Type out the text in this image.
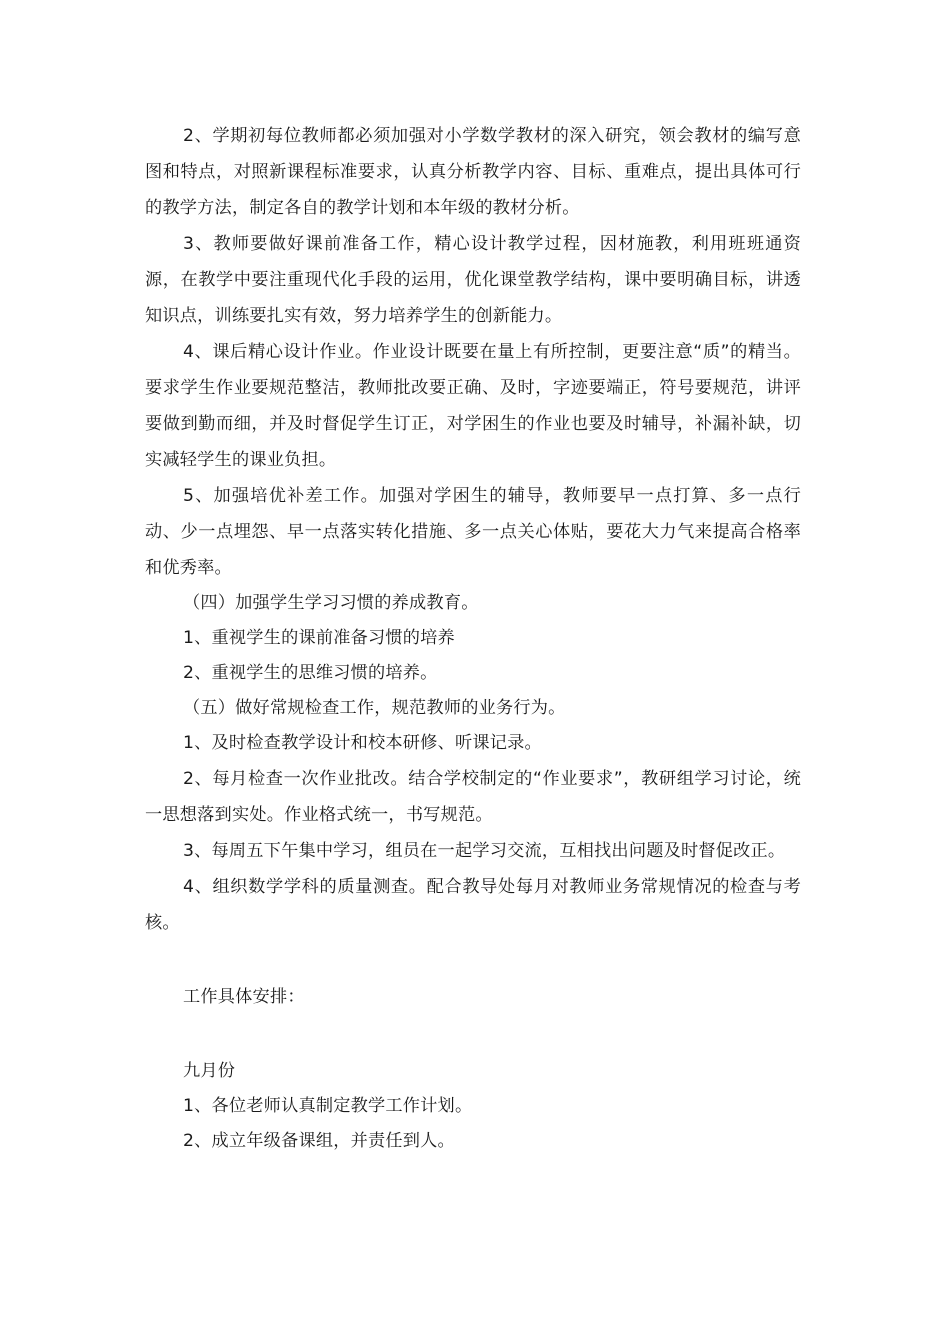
2、学期初每位教师都必须加强对小学数学教材的深入研究，领会教材的编写意图和特点，对照新课程标准要求，认真分析教学内容、目标、重难点，提出具体可行的教学方法，制定各自的教学计划和本年级的教材分析。

3、教师要做好课前准备工作，精心设计教学过程，因材施教，利用班班通资源，在教学中要注重现代化手段的运用，优化课堂教学结构，课中要明确目标，讲透知识点，训练要扎实有效，努力培养学生的创新能力。

4、课后精心设计作业。作业设计既要在量上有所控制，更要注意“质”的精当。要求学生作业要规范整洁，教师批改要正确、及时，字迹要端正，符号要规范，讲评要做到勤而细，并及时督促学生订正，对学困生的作业也要及时辅导，补漏补缺，切实减轻学生的课业负担。

5、加强培优补差工作。加强对学困生的辅导，教师要早一点打算、多一点行动、少一点埋怨、早一点落实转化措施、多一点关心体贴，要花大力气来提高合格率和优秀率。

（四）加强学生学习习惯的养成教育。

1、重视学生的课前准备习惯的培养

2、重视学生的思维习惯的培养。

（五）做好常规检查工作，规范教师的业务行为。

1、及时检查教学设计和校本研修、听课记录。

2、每月检查一次作业批改。结合学校制定的“作业要求”，教研组学习讨论，统一思想落到实处。作业格式统一，书写规范。

3、每周五下午集中学习，组员在一起学习交流，互相找出问题及时督促改正。

4、组织数学学科的质量测查。配合教导处每月对教师业务常规情况的检查与考核。

工作具体安排：

九月份

1、各位老师认真制定教学工作计划。

2、成立年级备课组，并责任到人。
